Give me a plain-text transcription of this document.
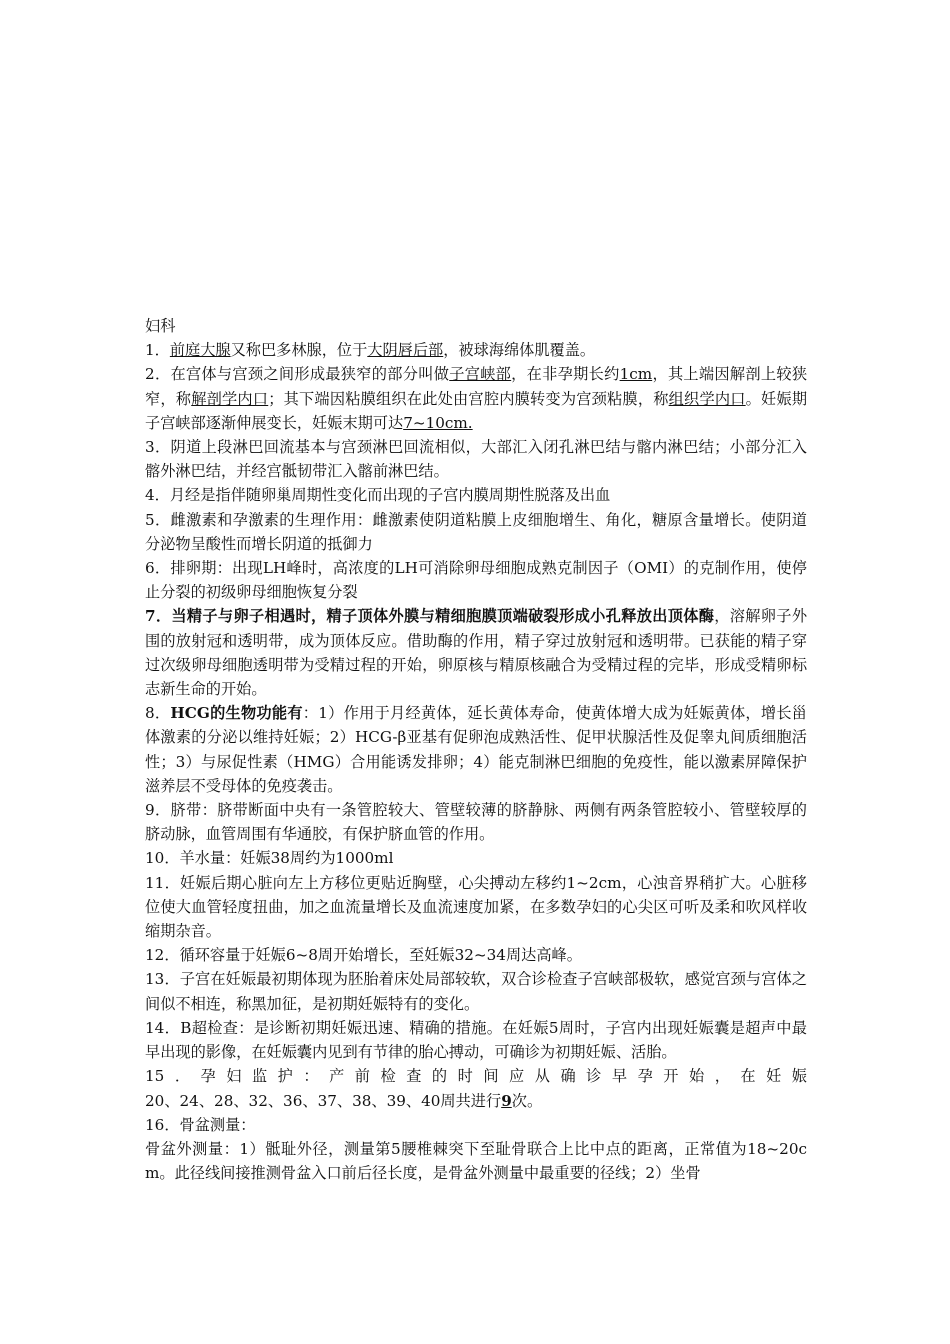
妇科

1．前庭大腺又称巴多林腺，位于大阴唇后部，被球海绵体肌覆盖。

2．在宫体与宫颈之间形成最狭窄的部分叫做子宫峡部，在非孕期长约1cm，其上端因解剖上较狭窄，称解剖学内口；其下端因粘膜组织在此处由宫腔内膜转变为宫颈粘膜，称组织学内口。妊娠期子宫峡部逐渐伸展变长，妊娠末期可达7~10cm.

3．阴道上段淋巴回流基本与宫颈淋巴回流相似，大部汇入闭孔淋巴结与髂内淋巴结；小部分汇入髂外淋巴结，并经宫骶韧带汇入髂前淋巴结。

4．月经是指伴随卵巢周期性变化而出现的子宫内膜周期性脱落及出血

5．雌激素和孕激素的生理作用：雌激素使阴道粘膜上皮细胞增生、角化，糖原含量增长。使阴道分泌物呈酸性而增长阴道的抵御力

6．排卵期：出现LH峰时，高浓度的LH可消除卵母细胞成熟克制因子（OMI）的克制作用，使停止分裂的初级卵母细胞恢复分裂

7．当精子与卵子相遇时，精子顶体外膜与精细胞膜顶端破裂形成小孔释放出顶体酶，溶解卵子外围的放射冠和透明带，成为顶体反应。借助酶的作用，精子穿过放射冠和透明带。已获能的精子穿过次级卵母细胞透明带为受精过程的开始，卵原核与精原核融合为受精过程的完毕，形成受精卵标志新生命的开始。

8．HCG的生物功能有：1）作用于月经黄体，延长黄体寿命，使黄体增大成为妊娠黄体，增长甾体激素的分泌以维持妊娠；2）HCG-β亚基有促卵泡成熟活性、促甲状腺活性及促睾丸间质细胞活性；3）与尿促性素（HMG）合用能诱发排卵；4）能克制淋巴细胞的免疫性，能以激素屏障保护滋养层不受母体的免疫袭击。

9．脐带：脐带断面中央有一条管腔较大、管壁较薄的脐静脉、两侧有两条管腔较小、管壁较厚的脐动脉，血管周围有华通胶，有保护脐血管的作用。

10．羊水量：妊娠38周约为1000ml

11．妊娠后期心脏向左上方移位更贴近胸壁，心尖搏动左移约1~2cm，心浊音界稍扩大。心脏移位使大血管轻度扭曲，加之血流量增长及血流速度加紧，在多数孕妇的心尖区可听及柔和吹风样收缩期杂音。

12．循环容量于妊娠6~8周开始增长，至妊娠32~34周达高峰。

13．子宫在妊娠最初期体现为胚胎着床处局部较软，双合诊检查子宫峡部极软，感觉宫颈与宫体之间似不相连，称黑加征，是初期妊娠特有的变化。

14．B超检查：是诊断初期妊娠迅速、精确的措施。在妊娠5周时，子宫内出现妊娠囊是超声中最早出现的影像，在妊娠囊内见到有节律的胎心搏动，可确诊为初期妊娠、活胎。

15．孕妇监护：产前检查的时间应从确诊早孕开始，在妊娠

20、24、28、32、36、37、38、39、40周共进行9次。

16．骨盆测量：

骨盆外测量：1）骶耻外径，测量第5腰椎棘突下至耻骨联合上比中点的距离，正常值为18~20cm。此径线间接推测骨盆入口前后径长度，是骨盆外测量中最重要的径线；2）坐骨
